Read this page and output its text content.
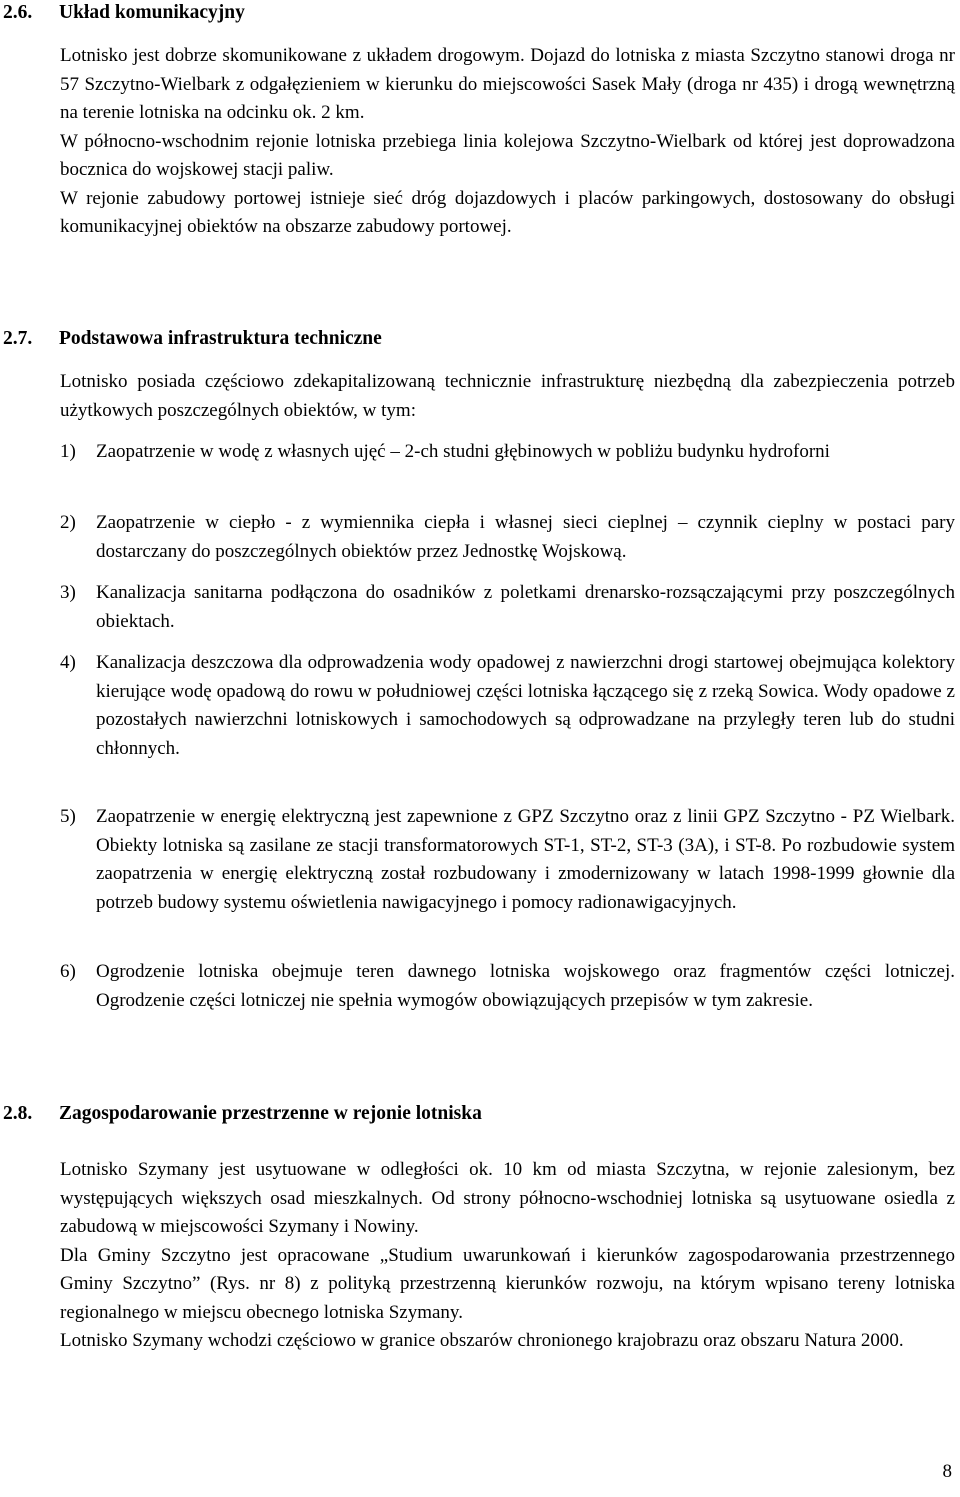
2.6. Układ komunikacyjny

Lotnisko jest dobrze skomunikowane z układem drogowym. Dojazd do lotniska z miasta Szczytno stanowi droga nr 57 Szczytno-Wielbark z odgałęzieniem w kierunku do miejscowości Sasek Mały (droga nr 435) i drogą wewnętrzną na terenie lotniska na odcinku ok. 2 km.

W północno-wschodnim rejonie lotniska przebiega linia kolejowa Szczytno-Wielbark od której jest doprowadzona bocznica do wojskowej stacji paliw.

W rejonie zabudowy portowej istnieje sieć dróg dojazdowych i placów parkingowych, dostosowany do obsługi komunikacyjnej obiektów na obszarze zabudowy portowej.

2.7. Podstawowa infrastruktura techniczne

Lotnisko posiada częściowo zdekapitalizowaną technicznie infrastrukturę niezbędną dla zabezpieczenia potrzeb użytkowych poszczególnych obiektów, w tym:

1) Zaopatrzenie w wodę z własnych ujęć – 2-ch studni głębinowych w pobliżu budynku hydroforni
2) Zaopatrzenie w ciepło - z wymiennika ciepła i własnej sieci cieplnej – czynnik cieplny w postaci pary dostarczany do poszczególnych obiektów przez Jednostkę Wojskową.
3) Kanalizacja sanitarna podłączona do osadników z poletkami drenarsko-rozsączającymi przy poszczególnych obiektach.
4) Kanalizacja deszczowa dla odprowadzenia wody opadowej z nawierzchni drogi startowej obejmująca kolektory kierujące wodę opadową do rowu w południowej części lotniska łączącego się z rzeką Sowica. Wody opadowe z pozostałych nawierzchni lotniskowych i samochodowych są odprowadzane na przyległy teren lub do studni chłonnych.
5) Zaopatrzenie w energię elektryczną jest zapewnione z GPZ Szczytno oraz z linii GPZ Szczytno - PZ Wielbark. Obiekty lotniska są zasilane ze stacji transformatorowych ST-1, ST-2, ST-3 (3A), i ST-8. Po rozbudowie system zaopatrzenia w energię elektryczną został rozbudowany i zmodernizowany w latach 1998-1999 głownie dla potrzeb budowy systemu oświetlenia nawigacyjnego i pomocy radionawigacyjnych.
6) Ogrodzenie lotniska obejmuje teren dawnego lotniska wojskowego oraz fragmentów części lotniczej. Ogrodzenie części lotniczej nie spełnia wymogów obowiązujących przepisów w tym zakresie.
2.8. Zagospodarowanie przestrzenne w rejonie lotniska

Lotnisko Szymany jest usytuowane w odległości ok. 10 km od miasta Szczytna, w rejonie zalesionym, bez występujących większych osad mieszkalnych. Od strony północno-wschodniej lotniska są usytuowane osiedla z zabudową w miejscowości Szymany i Nowiny.

Dla Gminy Szczytno jest opracowane „Studium uwarunkowań i kierunków zagospodarowania przestrzennego Gminy Szczytno” (Rys. nr 8) z polityką przestrzenną kierunków rozwoju, na którym wpisano tereny lotniska regionalnego w miejscu obecnego lotniska Szymany.

Lotnisko Szymany wchodzi częściowo w granice obszarów chronionego krajobrazu oraz obszaru Natura 2000.

8
